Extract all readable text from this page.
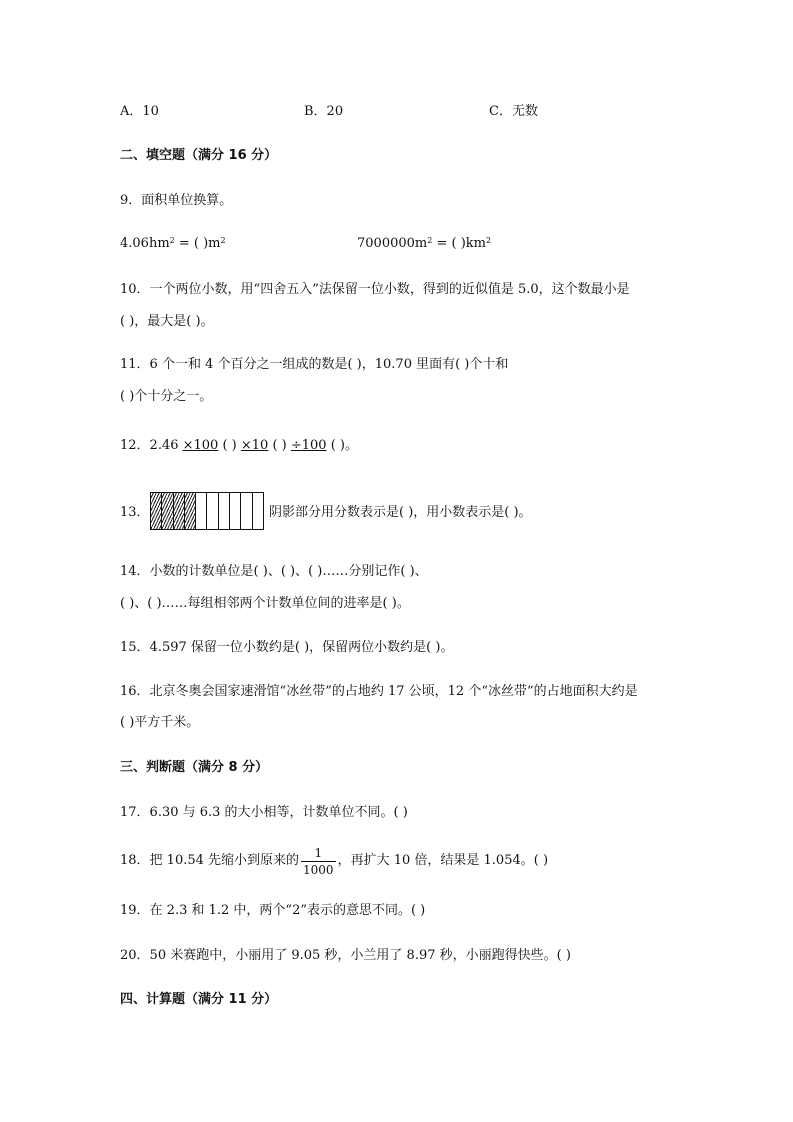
A．10	B．20	C．无数
二、填空题（满分 16 分）
9．面积单位换算。
$4.06hm^2$ = ( )$m^2$	$7000000m^2$ = ( )$km^2$
10．一个两位小数，用“四舍五入”法保留一位小数，得到的近似值是 5.0，这个数最小是
( )，最大是( )。
11．6 个一和 4 个百分之一组成的数是( )，10.70 里面有( )个十和
( )个十分之一。
12．2.46 ×100 ( ) ×10 ( ) ÷100 ( )。
13．	阴影部分用分数表示是( )，用小数表示是( )。
14．小数的计数单位是( )、( )、( )……分别记作( )、
( )、( )……每组相邻两个计数单位间的进率是( )。
15．4.597 保留一位小数约是( )，保留两位小数约是( )。
16．北京冬奥会国家速滑馆“冰丝带”的占地约 17 公顷，12 个“冰丝带”的占地面积大约是
( )平方千米。
三、判断题（满分 8 分）
17．6.30 与 6.3 的大小相等，计数单位不同。( )
18．把 10.54 先缩小到原来的 $\frac{1}{1000}$ ，再扩大 10 倍，结果是 1.054。( )
19．在 2.3 和 1.2 中，两个“2”表示的意思不同。( )
20．50 米赛跑中，小丽用了 9.05 秒，小兰用了 8.97 秒，小丽跑得快些。( )
四、计算题（满分 11 分）
